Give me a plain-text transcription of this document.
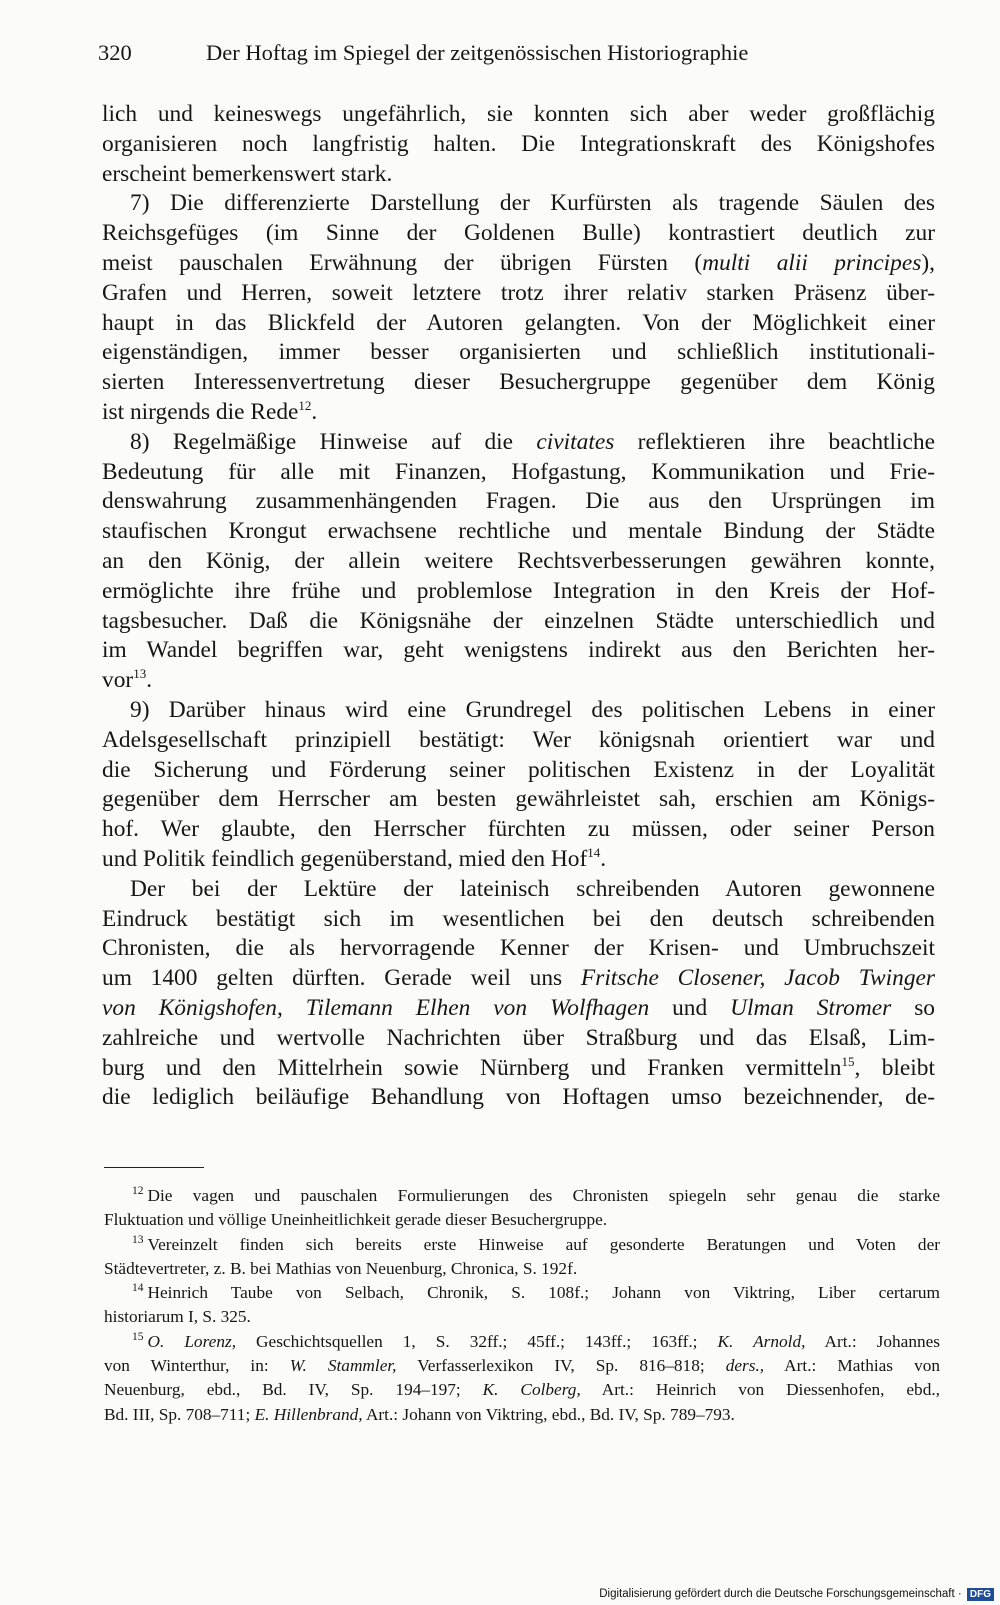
320	Der Hoftag im Spiegel der zeitgenössischen Historiographie
lich und keineswegs ungefährlich, sie konnten sich aber weder großflächig
organisieren noch langfristig halten. Die Integrationskraft des Königshofes
erscheint bemerkenswert stark.
7) Die differenzierte Darstellung der Kurfürsten als tragende Säulen des
Reichsgefüges (im Sinne der Goldenen Bulle) kontrastiert deutlich zur
meist pauschalen Erwähnung der übrigen Fürsten (multi alii principes),
Grafen und Herren, soweit letztere trotz ihrer relativ starken Präsenz über-
haupt in das Blickfeld der Autoren gelangten. Von der Möglichkeit einer
eigenständigen, immer besser organisierten und schließlich institutionali-
sierten Interessenvertretung dieser Besuchergruppe gegenüber dem König
ist nirgends die Rede$^{12}$.
8) Regelmäßige Hinweise auf die civitates reflektieren ihre beachtliche
Bedeutung für alle mit Finanzen, Hofgastung, Kommunikation und Frie-
denswahrung zusammenhängenden Fragen. Die aus den Ursprüngen im
staufischen Krongut erwachsene rechtliche und mentale Bindung der Städte
an den König, der allein weitere Rechtsverbesserungen gewähren konnte,
ermöglichte ihre frühe und problemlose Integration in den Kreis der Hof-
tagsbesucher. Daß die Königsnähe der einzelnen Städte unterschiedlich und
im Wandel begriffen war, geht wenigstens indirekt aus den Berichten her-
vor$^{13}$.
9) Darüber hinaus wird eine Grundregel des politischen Lebens in einer
Adelsgesellschaft prinzipiell bestätigt: Wer königsnah orientiert war und
die Sicherung und Förderung seiner politischen Existenz in der Loyalität
gegenüber dem Herrscher am besten gewährleistet sah, erschien am Königs-
hof. Wer glaubte, den Herrscher fürchten zu müssen, oder seiner Person
und Politik feindlich gegenüberstand, mied den Hof$^{14}$.
Der bei der Lektüre der lateinisch schreibenden Autoren gewonnene
Eindruck bestätigt sich im wesentlichen bei den deutsch schreibenden
Chronisten, die als hervorragende Kenner der Krisen- und Umbruchszeit
um 1400 gelten dürften. Gerade weil uns Fritsche Closener, Jacob Twinger
von Königshofen, Tilemann Elhen von Wolfhagen und Ulman Stromer so
zahlreiche und wertvolle Nachrichten über Straßburg und das Elsaß, Lim-
burg und den Mittelrhein sowie Nürnberg und Franken vermitteln$^{15}$, bleibt
die lediglich beiläufige Behandlung von Hoftagen umso bezeichnender, de-
$^{12}$ Die vagen und pauschalen Formulierungen des Chronisten spiegeln sehr genau die starke
Fluktuation und völlige Uneinheitlichkeit gerade dieser Besuchergruppe.
$^{13}$ Vereinzelt finden sich bereits erste Hinweise auf gesonderte Beratungen und Voten der
Städtevertreter, z. B. bei Mathias von Neuenburg, Chronica, S. 192f.
$^{14}$ Heinrich Taube von Selbach, Chronik, S. 108f.; Johann von Viktring, Liber certarum
historiarum I, S. 325.
$^{15}$ O. Lorenz, Geschichtsquellen 1, S. 32ff.; 45ff.; 143ff.; 163ff.; K. Arnold, Art.: Johannes
von Winterthur, in: W. Stammler, Verfasserlexikon IV, Sp. 816–818; ders., Art.: Mathias von
Neuenburg, ebd., Bd. IV, Sp. 194–197; K. Colberg, Art.: Heinrich von Diessenhofen, ebd.,
Bd. III, Sp. 708–711; E. Hillenbrand, Art.: Johann von Viktring, ebd., Bd. IV, Sp. 789–793.
Digitalisierung gefördert durch die Deutsche Forschungsgemeinschaft · DFG
